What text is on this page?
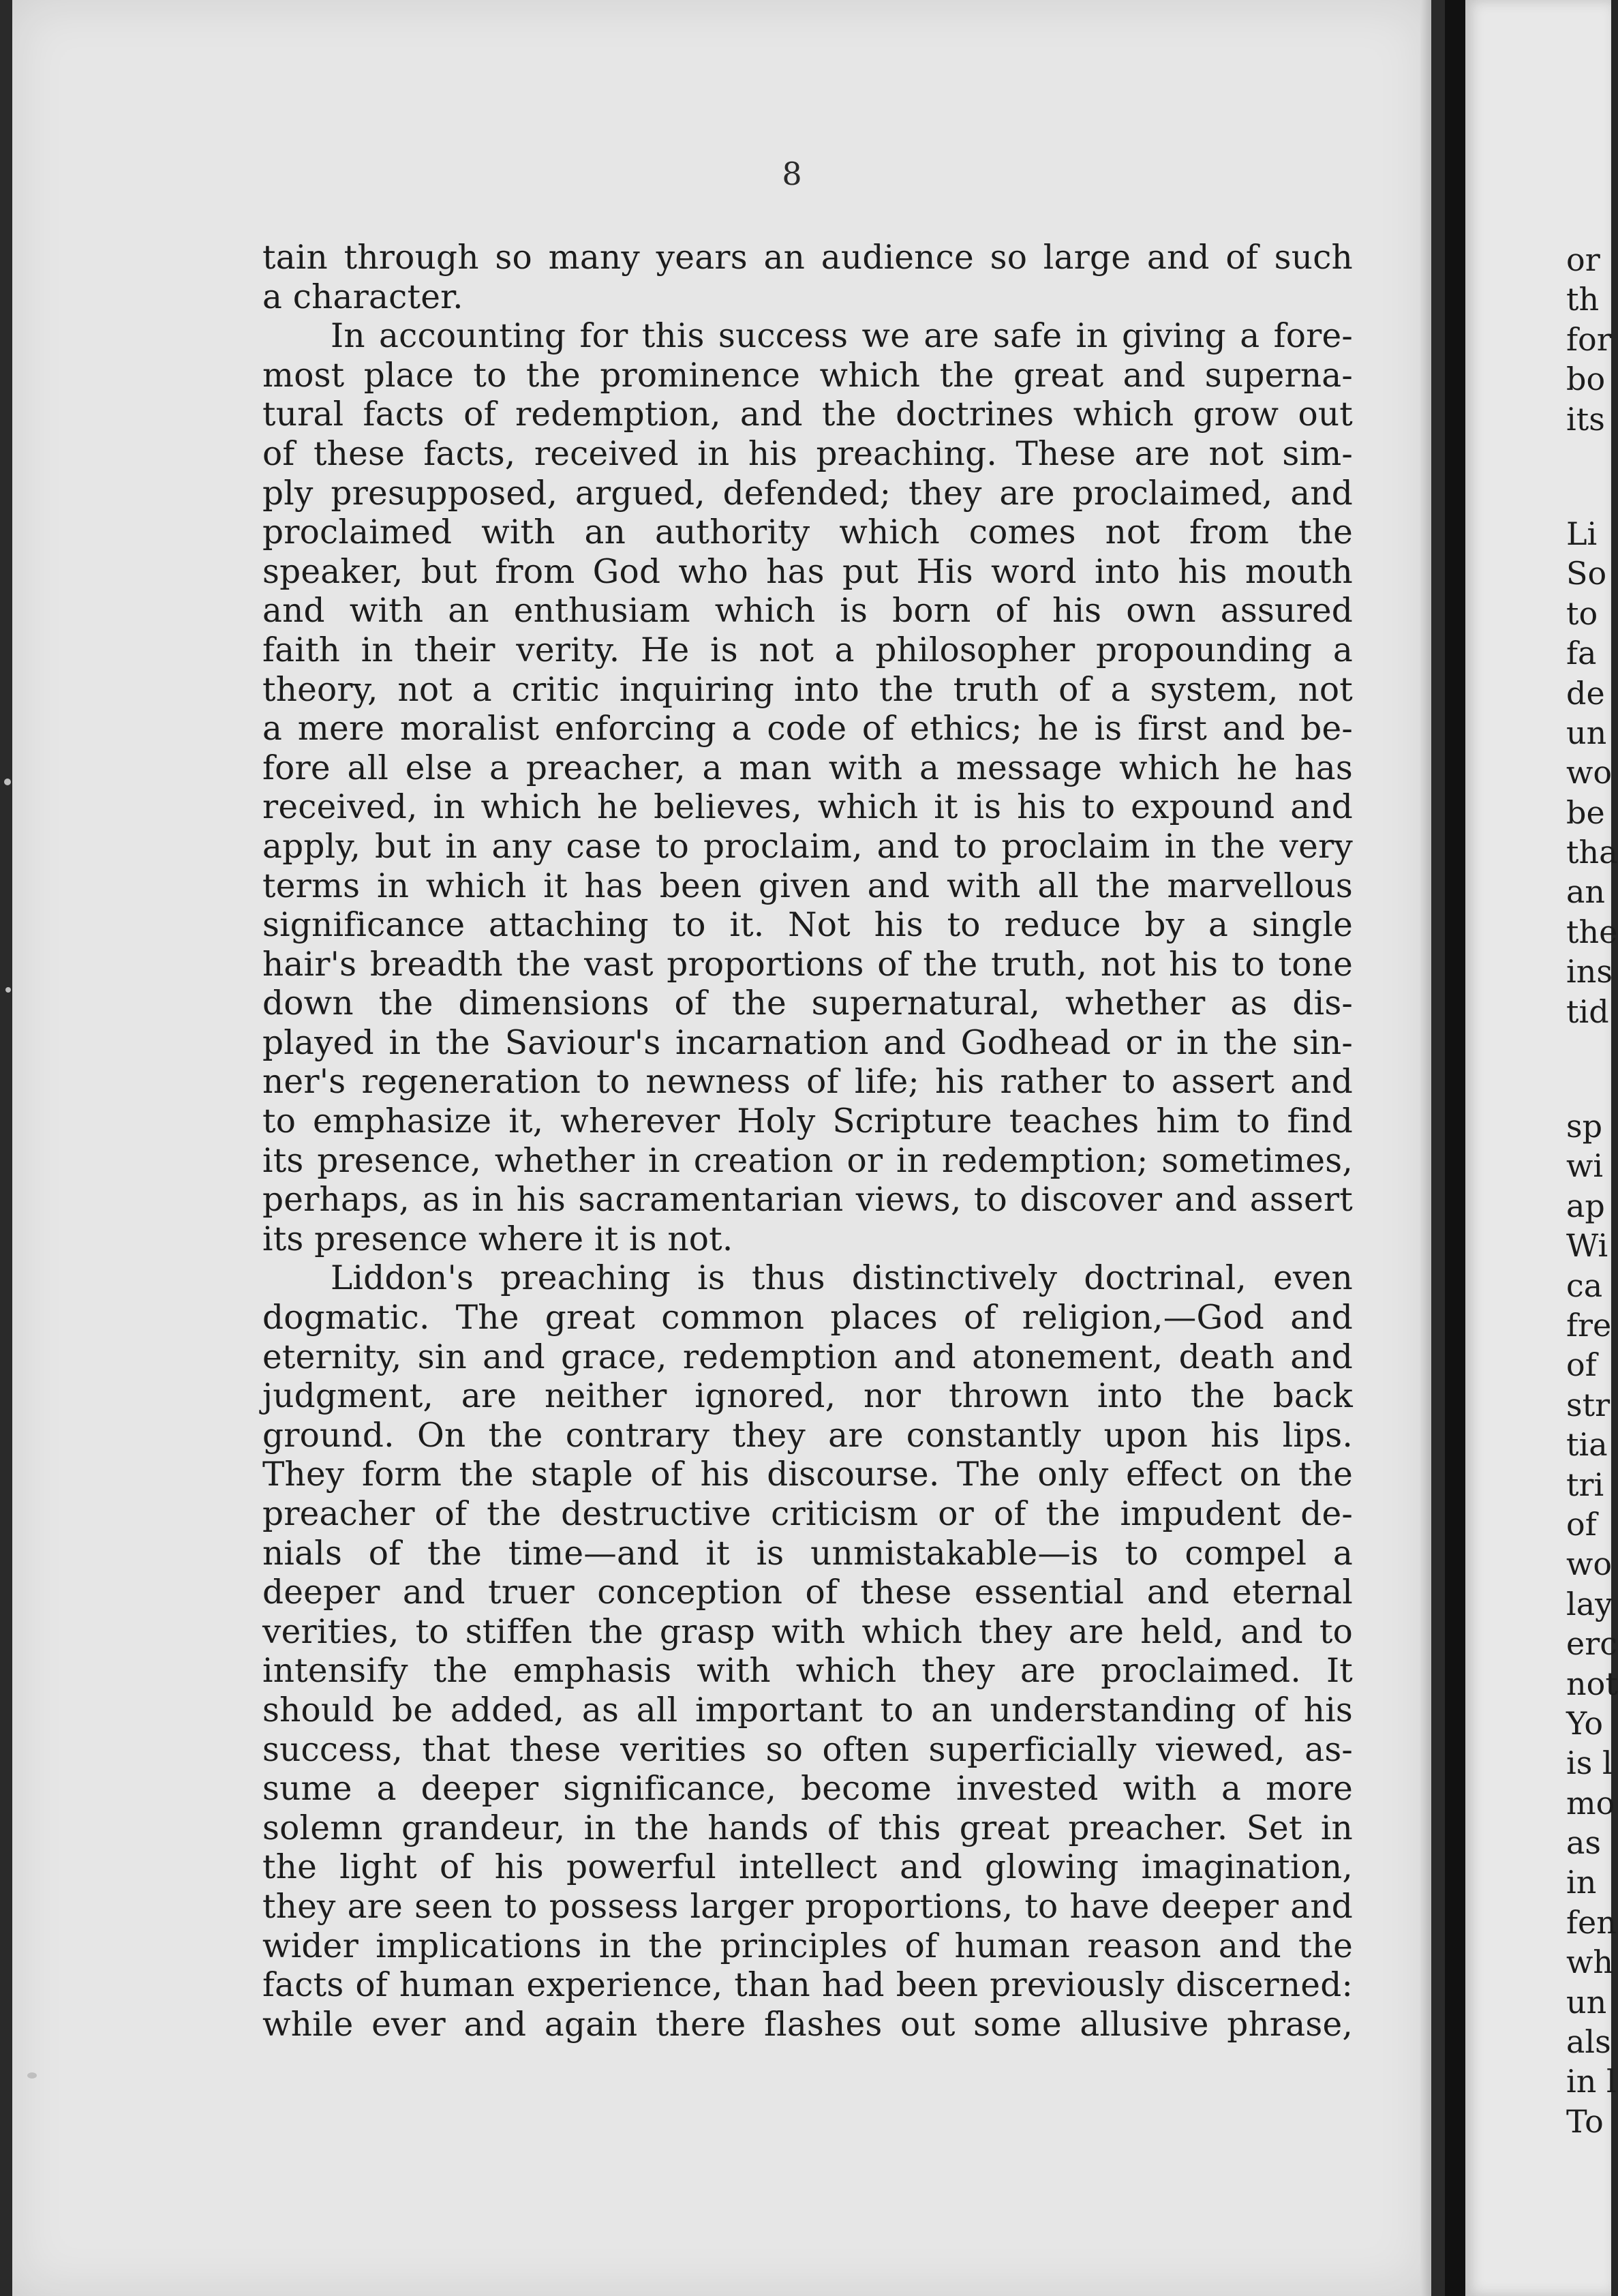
8
tain through so many years an audience so large and of such
a character.
In accounting for this success we are safe in giving a fore-
most place to the prominence which the great and superna-
tural facts of redemption, and the doctrines which grow out
of these facts, received in his preaching. These are not sim-
ply presupposed, argued, defended; they are proclaimed, and
proclaimed with an authority which comes not from the
speaker, but from God who has put His word into his mouth
and with an enthusiam which is born of his own assured
faith in their verity. He is not a philosopher propounding a
theory, not a critic inquiring into the truth of a system, not
a mere moralist enforcing a code of ethics; he is first and be-
fore all else a preacher, a man with a message which he has
received, in which he believes, which it is his to expound and
apply, but in any case to proclaim, and to proclaim in the very
terms in which it has been given and with all the marvellous
significance attaching to it. Not his to reduce by a single
hair's breadth the vast proportions of the truth, not his to tone
down the dimensions of the supernatural, whether as dis-
played in the Saviour's incarnation and Godhead or in the sin-
ner's regeneration to newness of life; his rather to assert and
to emphasize it, wherever Holy Scripture teaches him to find
its presence, whether in creation or in redemption; sometimes,
perhaps, as in his sacramentarian views, to discover and assert
its presence where it is not.
Liddon's preaching is thus distinctively doctrinal, even
dogmatic. The great common places of religion,—God and
eternity, sin and grace, redemption and atonement, death and
judgment, are neither ignored, nor thrown into the back
ground. On the contrary they are constantly upon his lips.
They form the staple of his discourse. The only effect on the
preacher of the destructive criticism or of the impudent de-
nials of the time—and it is unmistakable—is to compel a
deeper and truer conception of these essential and eternal
verities, to stiffen the grasp with which they are held, and to
intensify the emphasis with which they are proclaimed. It
should be added, as all important to an understanding of his
success, that these verities so often superficially viewed, as-
sume a deeper significance, become invested with a more
solemn grandeur, in the hands of this great preacher. Set in
the light of his powerful intellect and glowing imagination,
they are seen to possess larger proportions, to have deeper and
wider implications in the principles of human reason and the
facts of human experience, than had been previously discerned:
while ever and again there flashes out some allusive phrase,
or
th
for
bo
its
Li
So
to
fa
de
un
wo
be
tha
an
the
ins
tid
sp
wi
ap
Wi
ca
fre
of
str
tia
tri
of
wo
lay
erc
not
Yo
is l
mo
as
in
fen
wh
un
als
in l
To
